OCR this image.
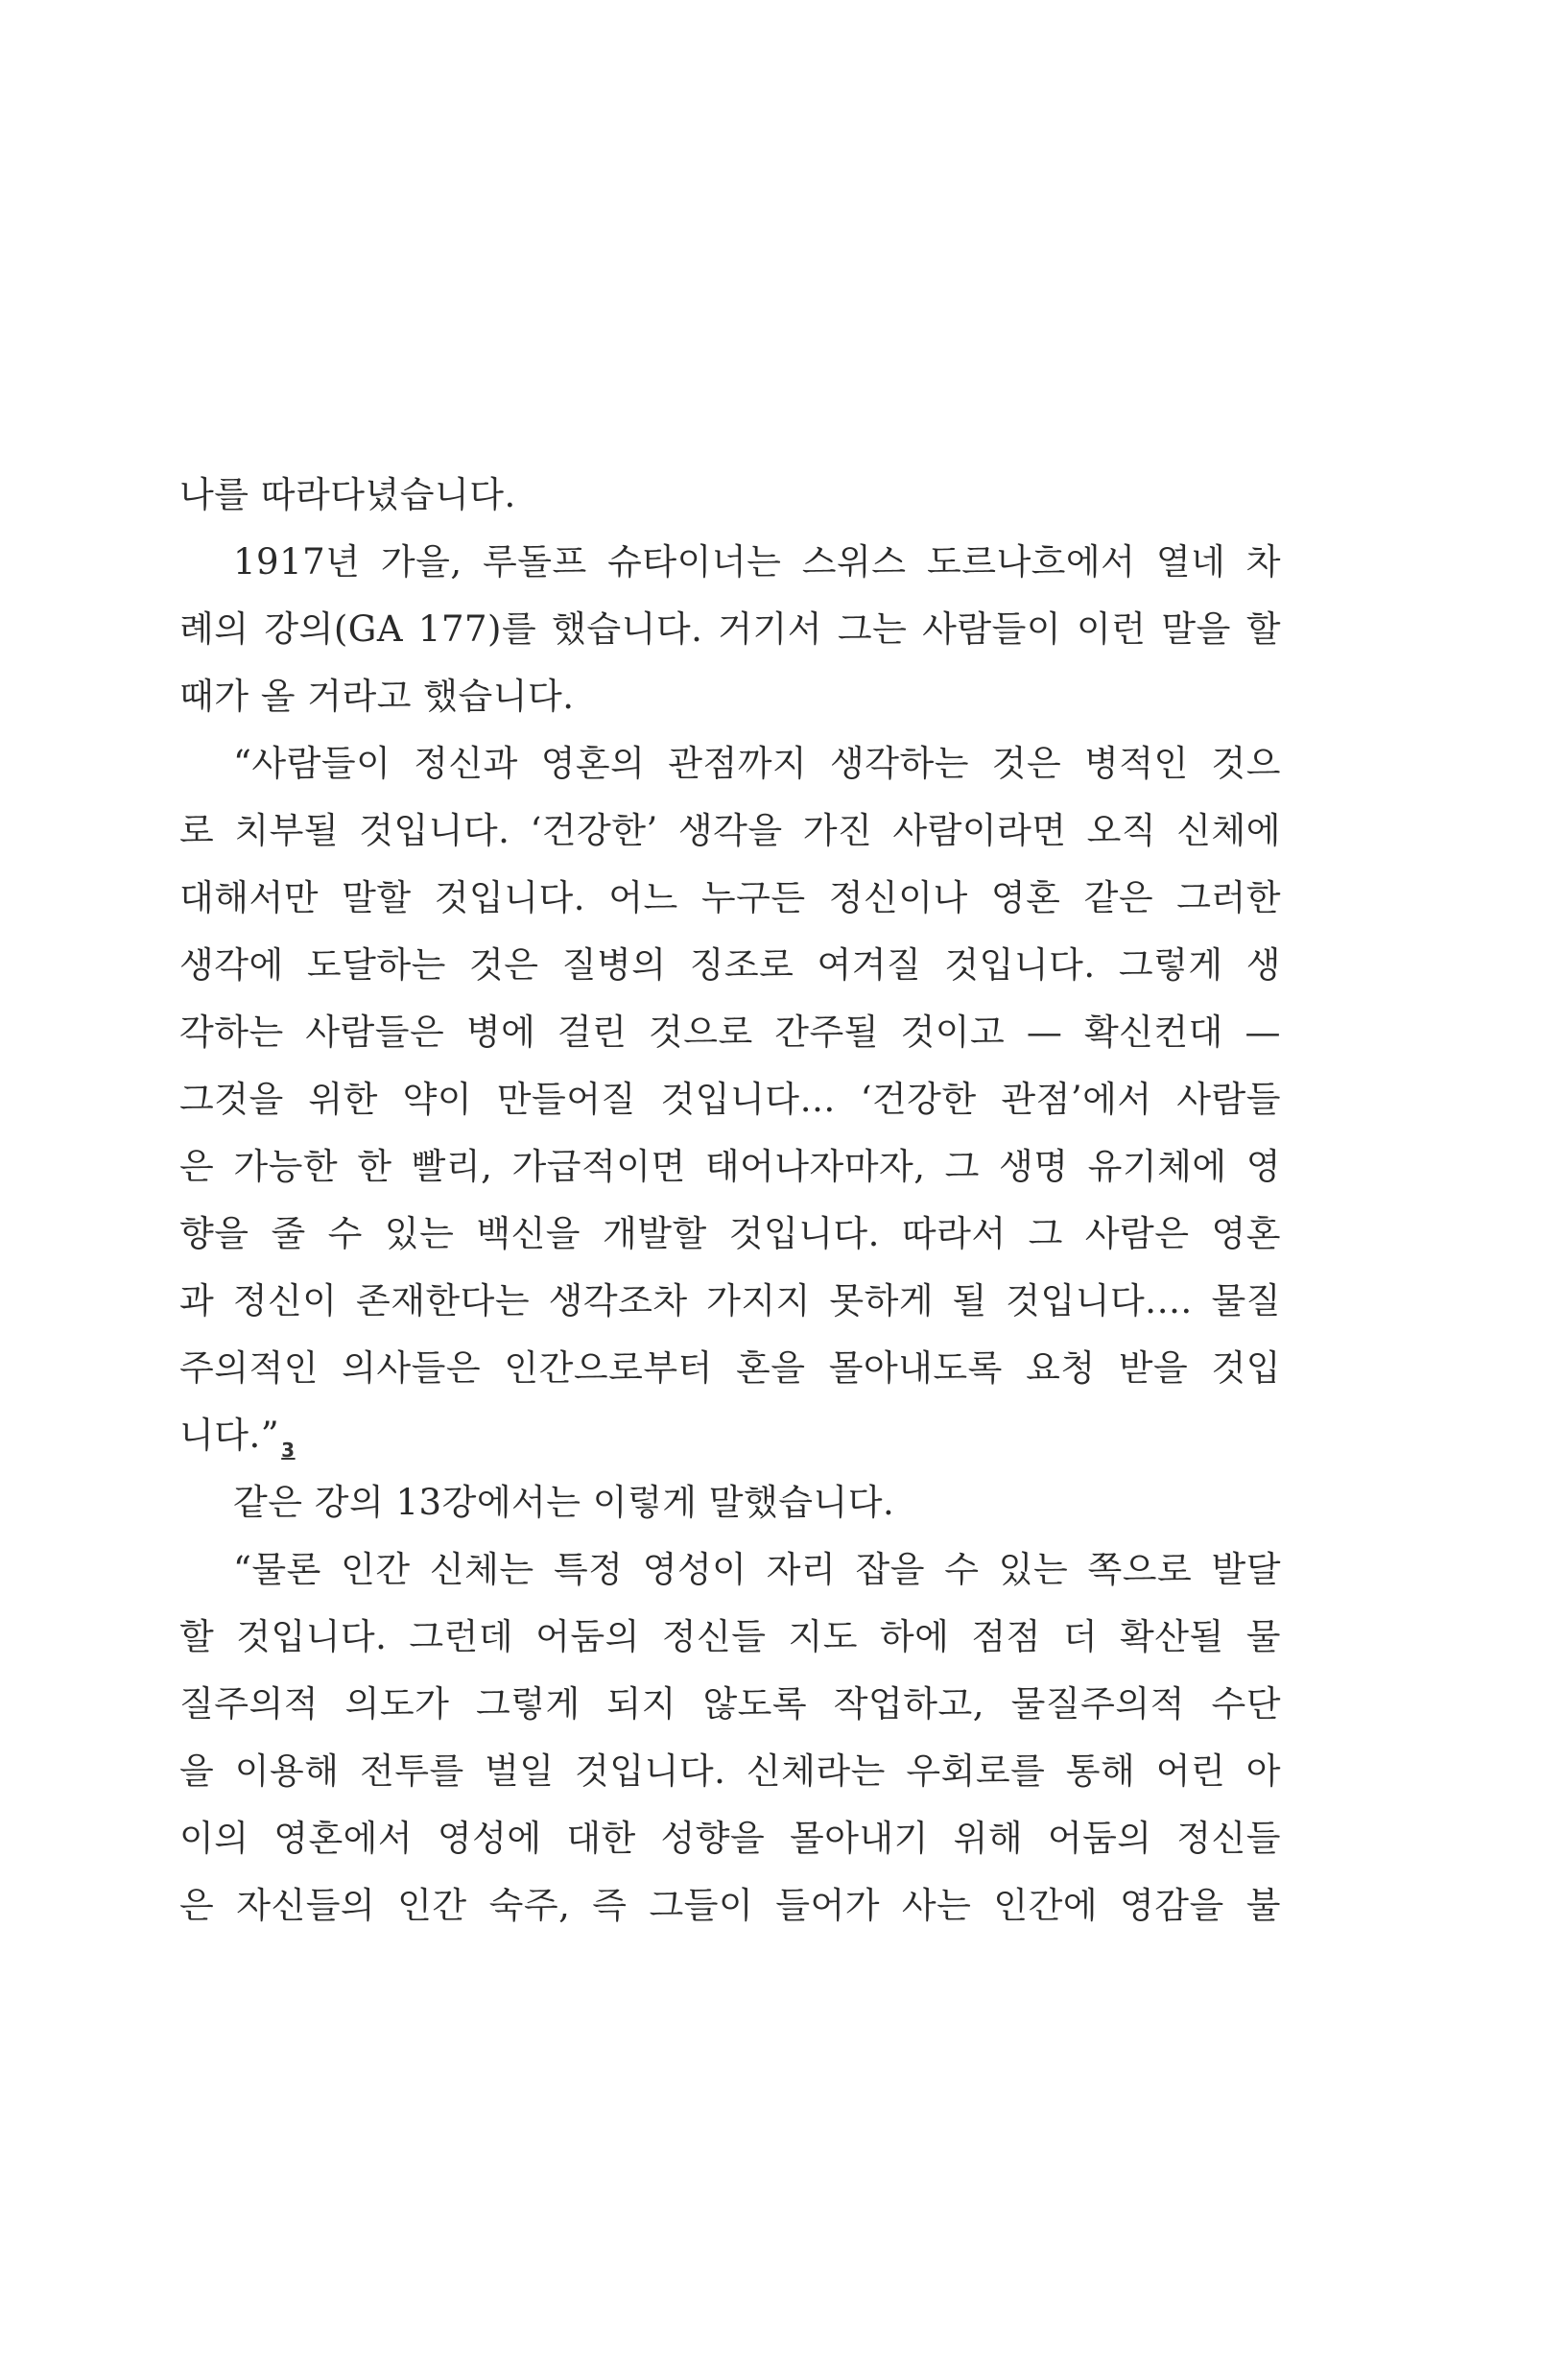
나를 따라다녔습니다.
1917년 가을, 루돌프 슈타이너는 스위스 도르나흐에서 열네 차
례의 강의(GA 177)를 했습니다. 거기서 그는 사람들이 이런 말을 할
때가 올 거라고 했습니다.
“사람들이 정신과 영혼의 관점까지 생각하는 것은 병적인 것으
로 치부될 것입니다. ‘건강한’ 생각을 가진 사람이라면 오직 신체에
대해서만 말할 것입니다. 어느 누구든 정신이나 영혼 같은 그러한
생각에 도달하는 것은 질병의 징조로 여겨질 것입니다. 그렇게 생
각하는 사람들은 병에 걸린 것으로 간주될 것이고 — 확신컨대 —
그것을 위한 약이 만들어질 것입니다… ‘건강한 관점’에서 사람들
은 가능한 한 빨리, 가급적이면 태어나자마자, 그 생명 유기체에 영
향을 줄 수 있는 백신을 개발할 것입니다. 따라서 그 사람은 영혼
과 정신이 존재한다는 생각조차 가지지 못하게 될 것입니다.… 물질
주의적인 의사들은 인간으로부터 혼을 몰아내도록 요청 받을 것입
니다.” $_3$
같은 강의 13강에서는 이렇게 말했습니다.
“물론 인간 신체는 특정 영성이 자리 잡을 수 있는 쪽으로 발달
할 것입니다. 그런데 어둠의 정신들 지도 하에 점점 더 확산될 물
질주의적 의도가 그렇게 되지 않도록 작업하고, 물질주의적 수단
을 이용해 전투를 벌일 것입니다. 신체라는 우회로를 통해 어린 아
이의 영혼에서 영성에 대한 성향을 몰아내기 위해 어둠의 정신들
은 자신들의 인간 숙주, 즉 그들이 들어가 사는 인간에 영감을 불
